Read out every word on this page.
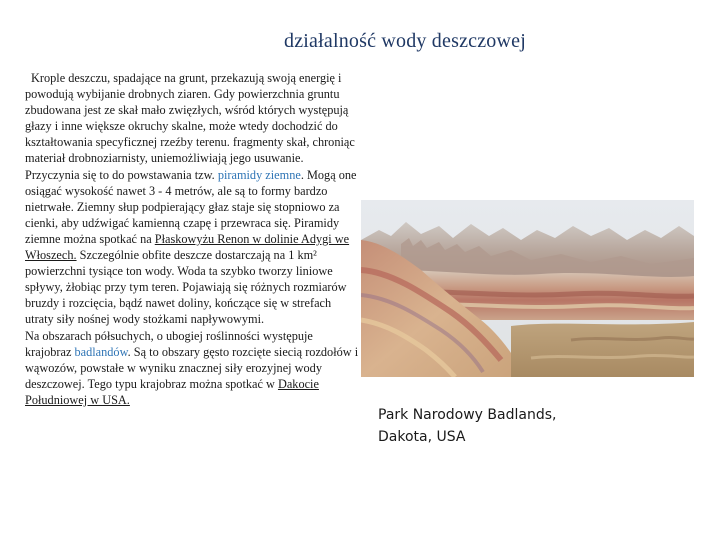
działalność wody deszczowej

Krople deszczu, spadające na grunt, przekazują swoją energię i powodują wybijanie drobnych ziaren. Gdy powierzchnia gruntu zbudowana jest ze skał mało zwięzłych, wśród których występują głazy i inne większe okruchy skalne, może wtedy dochodzić do kształtowania specyficznej rzeźby terenu. fragmenty skał, chroniąc materiał drobnoziarnisty, uniemożliwiają jego usuwanie. Przyczynia się to do powstawania tzw. piramidy ziemne. Mogą one osiągać wysokość nawet 3 - 4 metrów, ale są to formy bardzo nietrwałe. Ziemny słup podpierający głaz staje się stopniowo za cienki, aby udźwigać kamienną czapę i przewraca się. Piramidy ziemne można spotkać na Płaskowyżu Renon w dolinie Adygi we Włoszech. Szczególnie obfite deszcze dostarczają na 1 km² powierzchni tysiące ton wody. Woda ta szybko tworzy liniowe spływy, żłobiąc przy tym teren. Pojawiają się różnych rozmiarów bruzdy i rozcięcia, bądź nawet doliny, kończące się w strefach utraty siły nośnej wody stożkami napływowymi.

Na obszarach półsuchych, o ubogiej roślinności występuje krajobraz badlandów. Są to obszary gęsto rozcięte siecią rozdołów i wąwozów, powstałe w wyniku znacznej siły erozyjnej wody deszczowej. Tego typu krajobraz można spotkać w Dakocie Południowej w USA.

Park Narodowy Badlands,
Dakota, USA
